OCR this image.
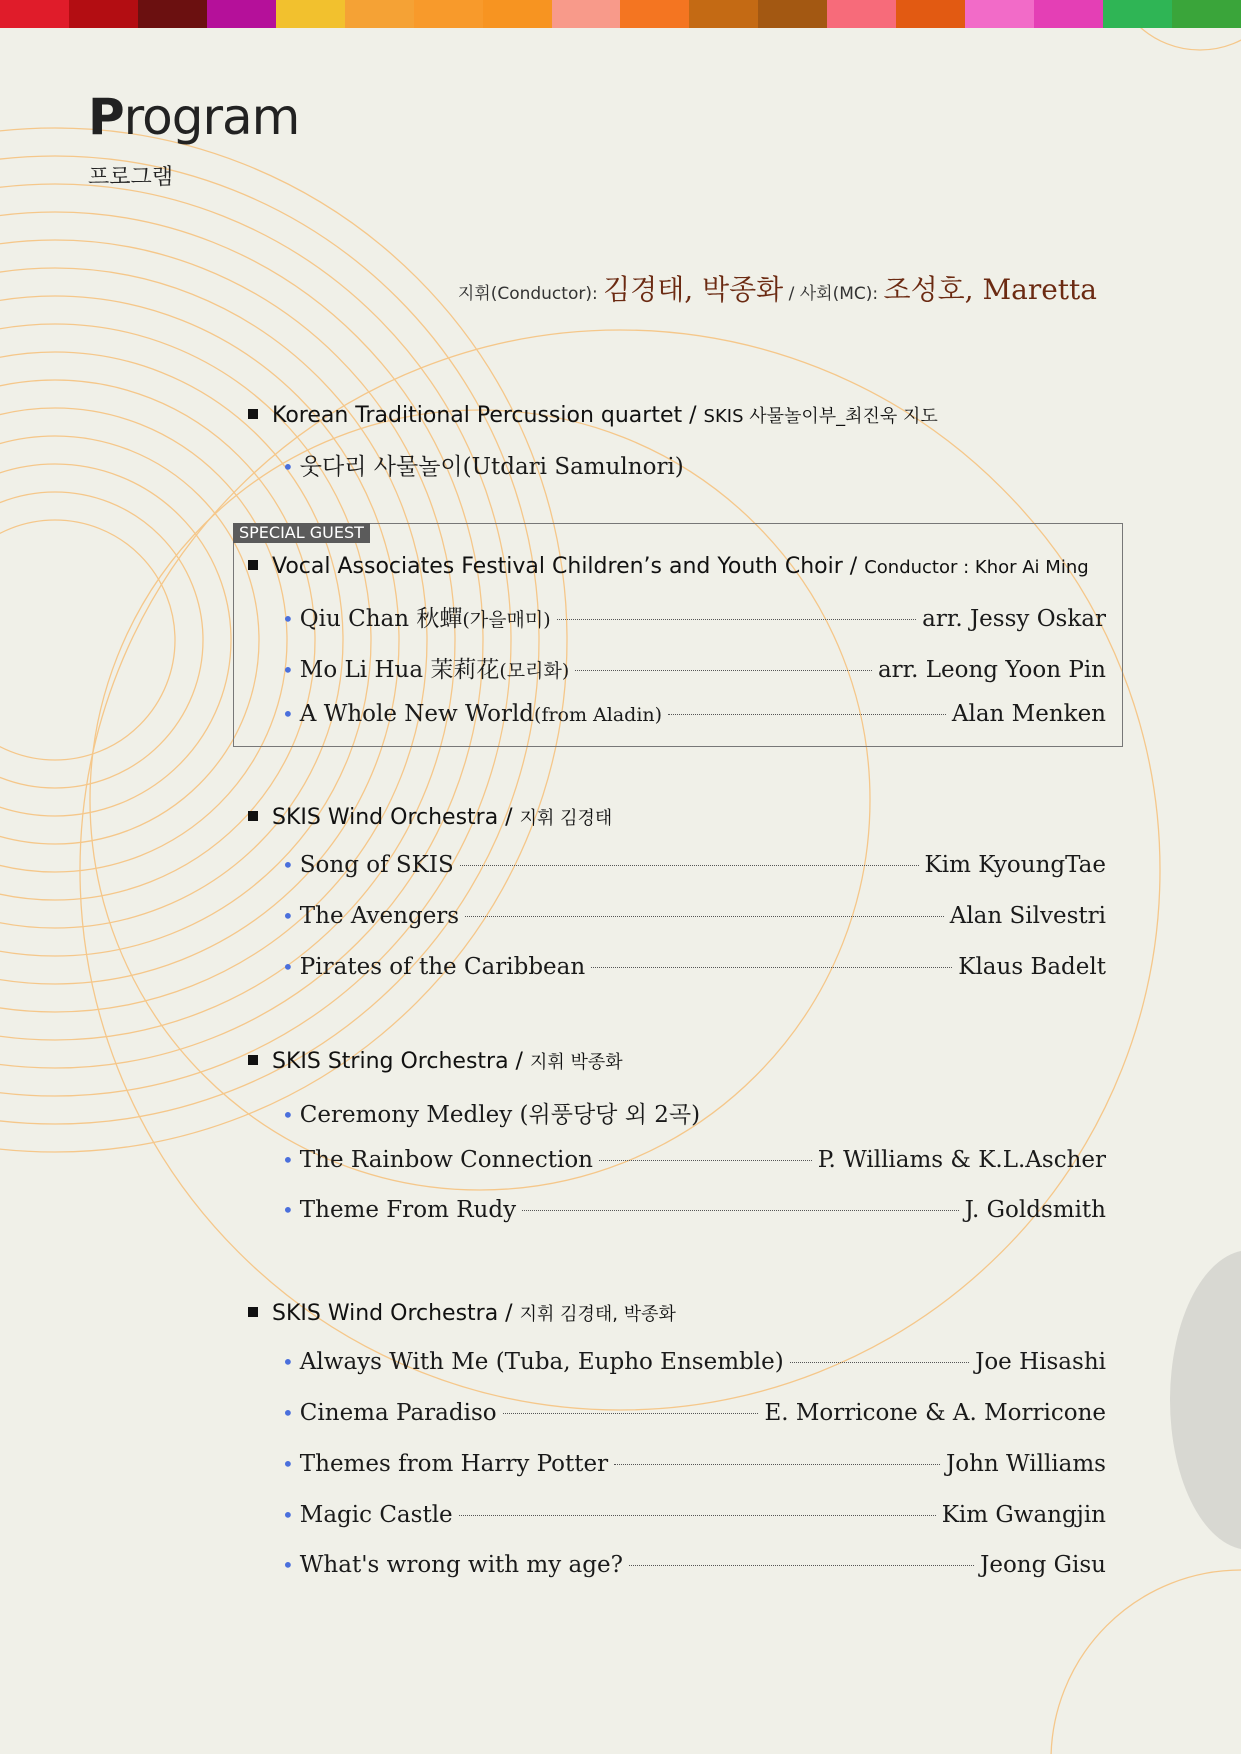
Program
프로그램
지휘(Conductor): 김경태, 박종화 / 사회(MC): 조성호, Maretta
Korean Traditional Percussion quartet / SKIS 사물놀이부_최진욱 지도
• 웃다리 사물놀이(Utdari Samulnori)
SPECIAL GUEST
Vocal Associates Festival Children’s and Youth Choir / Conductor : Khor Ai Ming
• Qiu Chan 秋蟬 (가을매미)	arr. Jessy Oskar
• Mo Li Hua 茉莉花 (모리화)	arr. Leong Yoon Pin
• A Whole New World (from Aladin)	Alan Menken
SKIS Wind Orchestra / 지휘 김경태
• Song of SKIS	Kim KyoungTae
• The Avengers	Alan Silvestri
• Pirates of the Caribbean	Klaus Badelt
SKIS String Orchestra / 지휘 박종화
• Ceremony Medley (위풍당당 외 2곡)
• The Rainbow Connection	P. Williams & K.L.Ascher
• Theme From Rudy	J. Goldsmith
SKIS Wind Orchestra / 지휘 김경태, 박종화
• Always With Me (Tuba, Eupho Ensemble)	Joe Hisashi
• Cinema Paradiso	E. Morricone & A. Morricone
• Themes from Harry Potter	John Williams
• Magic Castle	Kim Gwangjin
• What's wrong with my age?	Jeong Gisu
